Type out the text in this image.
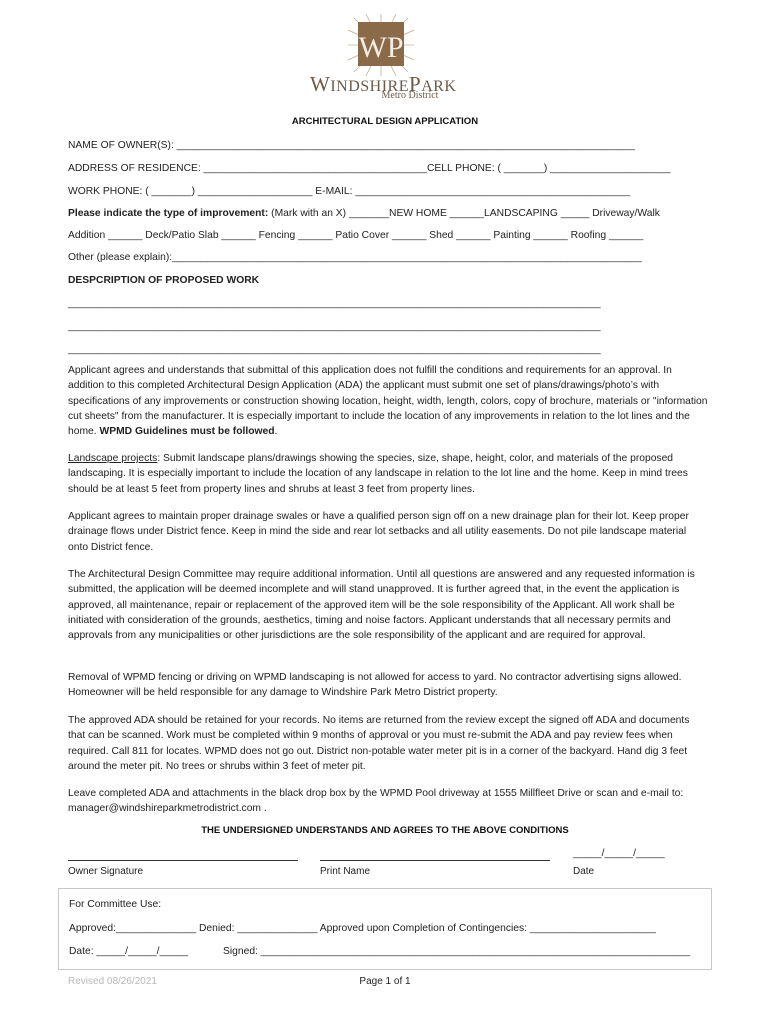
WP
WINDSHIREPARK
Metro District
ARCHITECTURAL DESIGN APPLICATION
NAME OF OWNER(S): ________________________________________________________________________________
ADDRESS OF RESIDENCE: _______________________________________CELL PHONE: ( _______) _____________________
WORK PHONE: ( _______) ____________________ E-MAIL: ________________________________________________
Please indicate the type of improvement: (Mark with an X) _______NEW HOME ______LANDSCAPING _____ Driveway/Walk
Addition ______ Deck/Patio Slab ______ Fencing ______ Patio Cover ______ Shed ______ Painting ______ Roofing ______
Other (please explain):__________________________________________________________________________________
DESPCRIPTION OF PROPOSED WORK
_____________________________________________________________________________________________
_____________________________________________________________________________________________
_____________________________________________________________________________________________

Applicant agrees and understands that submittal of this application does not fulfill the conditions and requirements for an approval. In addition to this completed Architectural Design Application (ADA) the applicant must submit one set of plans/drawings/photo’s with specifications of any improvements or construction showing location, height, width, length, colors, copy of brochure, materials or "information cut sheets" from the manufacturer. It is especially important to include the location of any improvements in relation to the lot lines and the home. WPMD Guidelines must be followed.

Landscape projects: Submit landscape plans/drawings showing the species, size, shape, height, color, and materials of the proposed landscaping. It is especially important to include the location of any landscape in relation to the lot line and the home. Keep in mind trees should be at least 5 feet from property lines and shrubs at least 3 feet from property lines.

Applicant agrees to maintain proper drainage swales or have a qualified person sign off on a new drainage plan for their lot. Keep proper drainage flows under District fence. Keep in mind the side and rear lot setbacks and all utility easements. Do not pile landscape material onto District fence.

The Architectural Design Committee may require additional information. Until all questions are answered and any requested information is submitted, the application will be deemed incomplete and will stand unapproved. It is further agreed that, in the event the application is approved, all maintenance, repair or replacement of the approved item will be the sole responsibility of the Applicant. All work shall be initiated with consideration of the grounds, aesthetics, timing and noise factors. Applicant understands that all necessary permits and approvals from any municipalities or other jurisdictions are the sole responsibility of the applicant and are required for approval.

Removal of WPMD fencing or driving on WPMD landscaping is not allowed for access to yard. No contractor advertising signs allowed. Homeowner will be held responsible for any damage to Windshire Park Metro District property.

The approved ADA should be retained for your records. No items are returned from the review except the signed off ADA and documents that can be scanned. Work must be completed within 9 months of approval or you must re-submit the ADA and pay review fees when required. Call 811 for locates. WPMD does not go out. District non-potable water meter pit is in a corner of the backyard. Hand dig 3 feet around the meter pit. No trees or shrubs within 3 feet of meter pit.

Leave completed ADA and attachments in the black drop box by the WPMD Pool driveway at 1555 Millfleet Drive or scan and e-mail to: manager@windshireparkmetrodistrict.com .

THE UNDERSIGNED UNDERSTANDS AND AGREES TO THE ABOVE CONDITIONS
Owner Signature	Print Name
_____/_____/_____
Date
For Committee Use:
Approved:______________ Denied: ______________ Approved upon Completion of Contingencies: ______________________
Date: _____/_____/_____	Signed: ___________________________________________________________________________
Revised 08/26/2021	Page 1 of 1
